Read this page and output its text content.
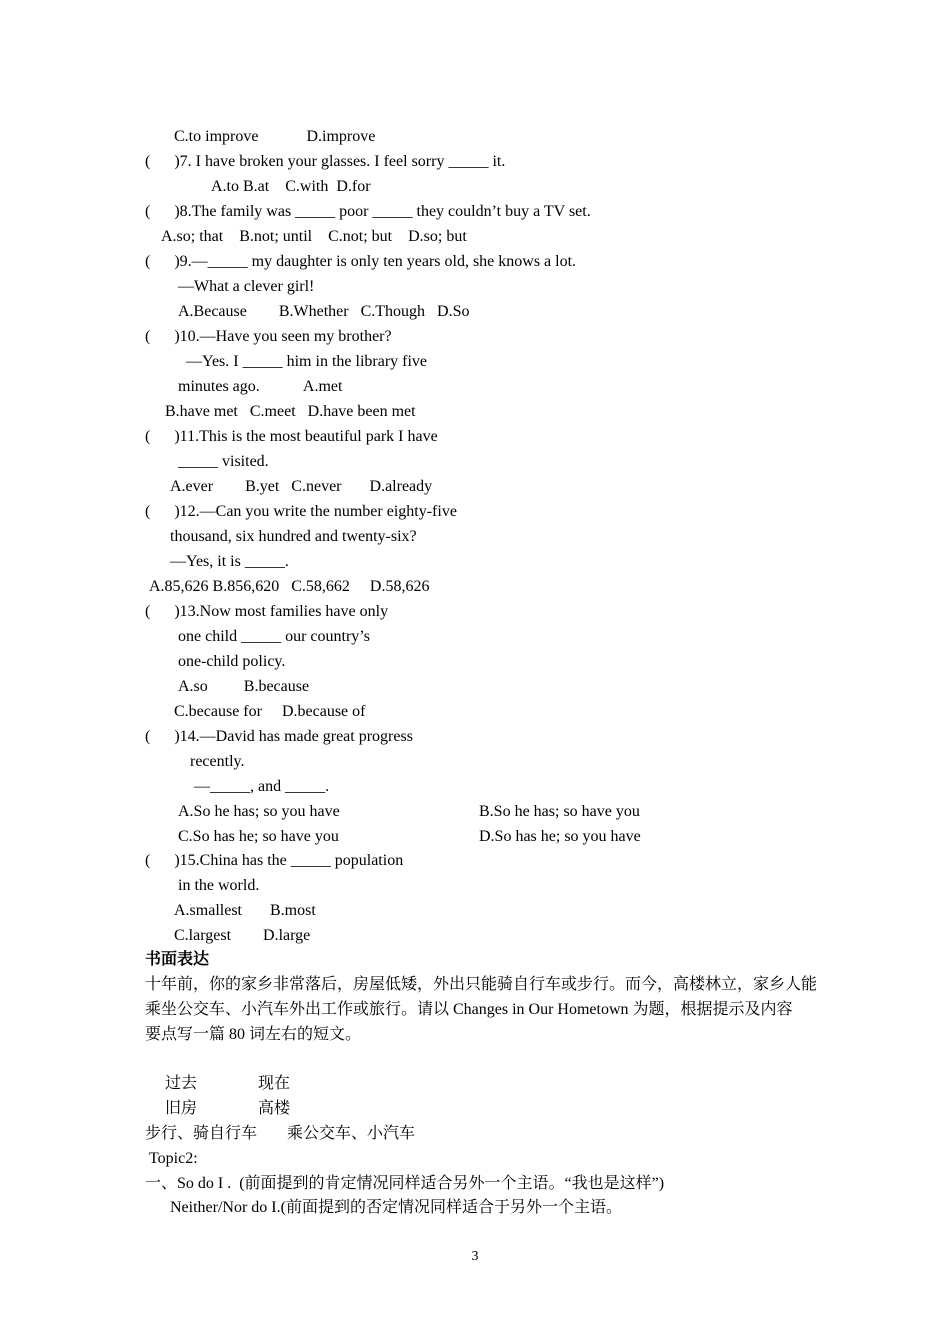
C.to improve            D.improve
(      )7. I have broken your glasses. I feel sorry _____ it.
A.to B.at    C.with  D.for
(      )8.The family was _____ poor _____ they couldn’t buy a TV set.
A.so; that    B.not; until    C.not; but    D.so; but
(      )9.—_____ my daughter is only ten years old, she knows a lot.
—What a clever girl!
A.Because        B.Whether   C.Though   D.So
(      )10.—Have you seen my brother?
—Yes. I _____ him in the library five
minutes ago.           A.met
B.have met   C.meet   D.have been met
(      )11.This is the most beautiful park I have
_____ visited.
A.ever        B.yet   C.never       D.already
(      )12.—Can you write the number eighty-five
thousand, six hundred and twenty-six?
—Yes, it is _____.
A.85,626 B.856,620   C.58,662     D.58,626
(      )13.Now most families have only
one child _____ our country’s
one-child policy.
A.so         B.because
C.because for     D.because of
(      )14.—David has made great progress
recently.
—_____, and _____.
A.So he has; so you have	B.So he has; so have you
C.So has he; so have you	D.So has he; so you have
(      )15.China has the _____ population
in the world.
A.smallest       B.most
C.largest        D.large
书面表达
十年前，你的家乡非常落后，房屋低矮，外出只能骑自行车或步行。而今，高楼林立，家乡人能
乘坐公交车、小汽车外出工作或旅行。请以 Changes in Our Hometown 为题，根据提示及内容
要点写一篇 80 词左右的短文。
过去	现在
旧房	高楼
步行、骑自行车 乘公交车、小汽车
Topic2:
一、So do I .  (前面提到的肯定情况同样适合另外一个主语。“我也是这样”)
Neither/Nor do I.(前面提到的否定情况同样适合于另外一个主语。
3
